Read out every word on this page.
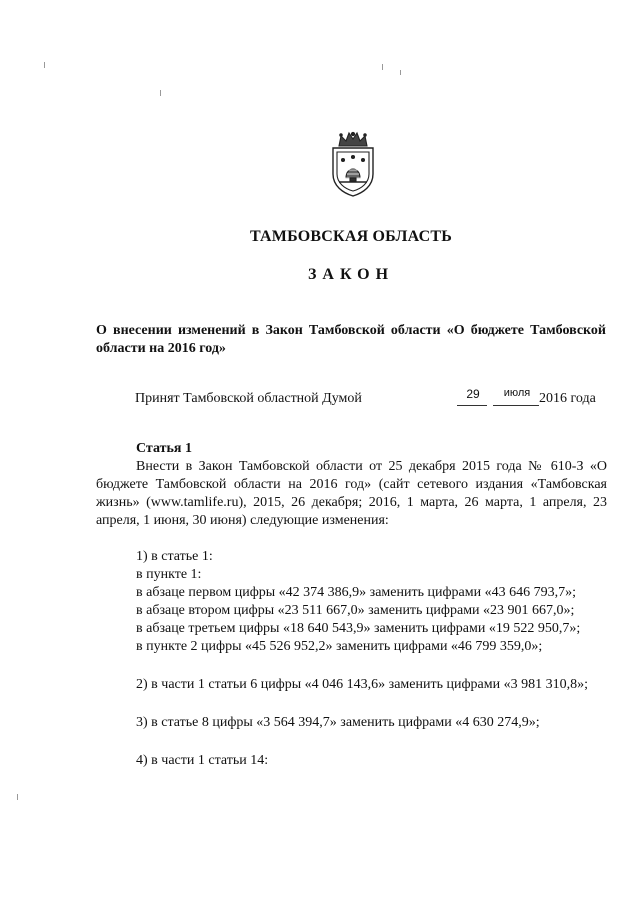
ТАМБОВСКАЯ ОБЛАСТЬ
ЗАКОН
О внесении изменений в Закон Тамбовской области «О бюджете Тамбовской области на 2016 год»
Принят Тамбовской областной Думой	29	июля 2016 года

Статья 1

Внести в Закон Тамбовской области от 25 декабря 2015 года № 610-З «О бюджете Тамбовской области на 2016 год» (сайт сетевого издания «Тамбовская жизнь» (www.tamlife.ru), 2015, 26 декабря; 2016, 1 марта, 26 марта, 1 апреля, 23 апреля, 1 июня, 30 июня) следующие изменения:

1) в статье 1:

в пункте 1:

в абзаце первом цифры «42 374 386,9» заменить цифрами «43 646 793,7»;

в абзаце втором цифры «23 511 667,0» заменить цифрами «23 901 667,0»;

в абзаце третьем цифры «18 640 543,9» заменить цифрами «19 522 950,7»;

в пункте 2 цифры «45 526 952,2» заменить цифрами «46 799 359,0»;

2) в части 1 статьи 6 цифры «4 046 143,6» заменить цифрами «3 981 310,8»;

3) в статье 8 цифры «3 564 394,7» заменить цифрами «4 630 274,9»;

4) в части 1 статьи 14:
